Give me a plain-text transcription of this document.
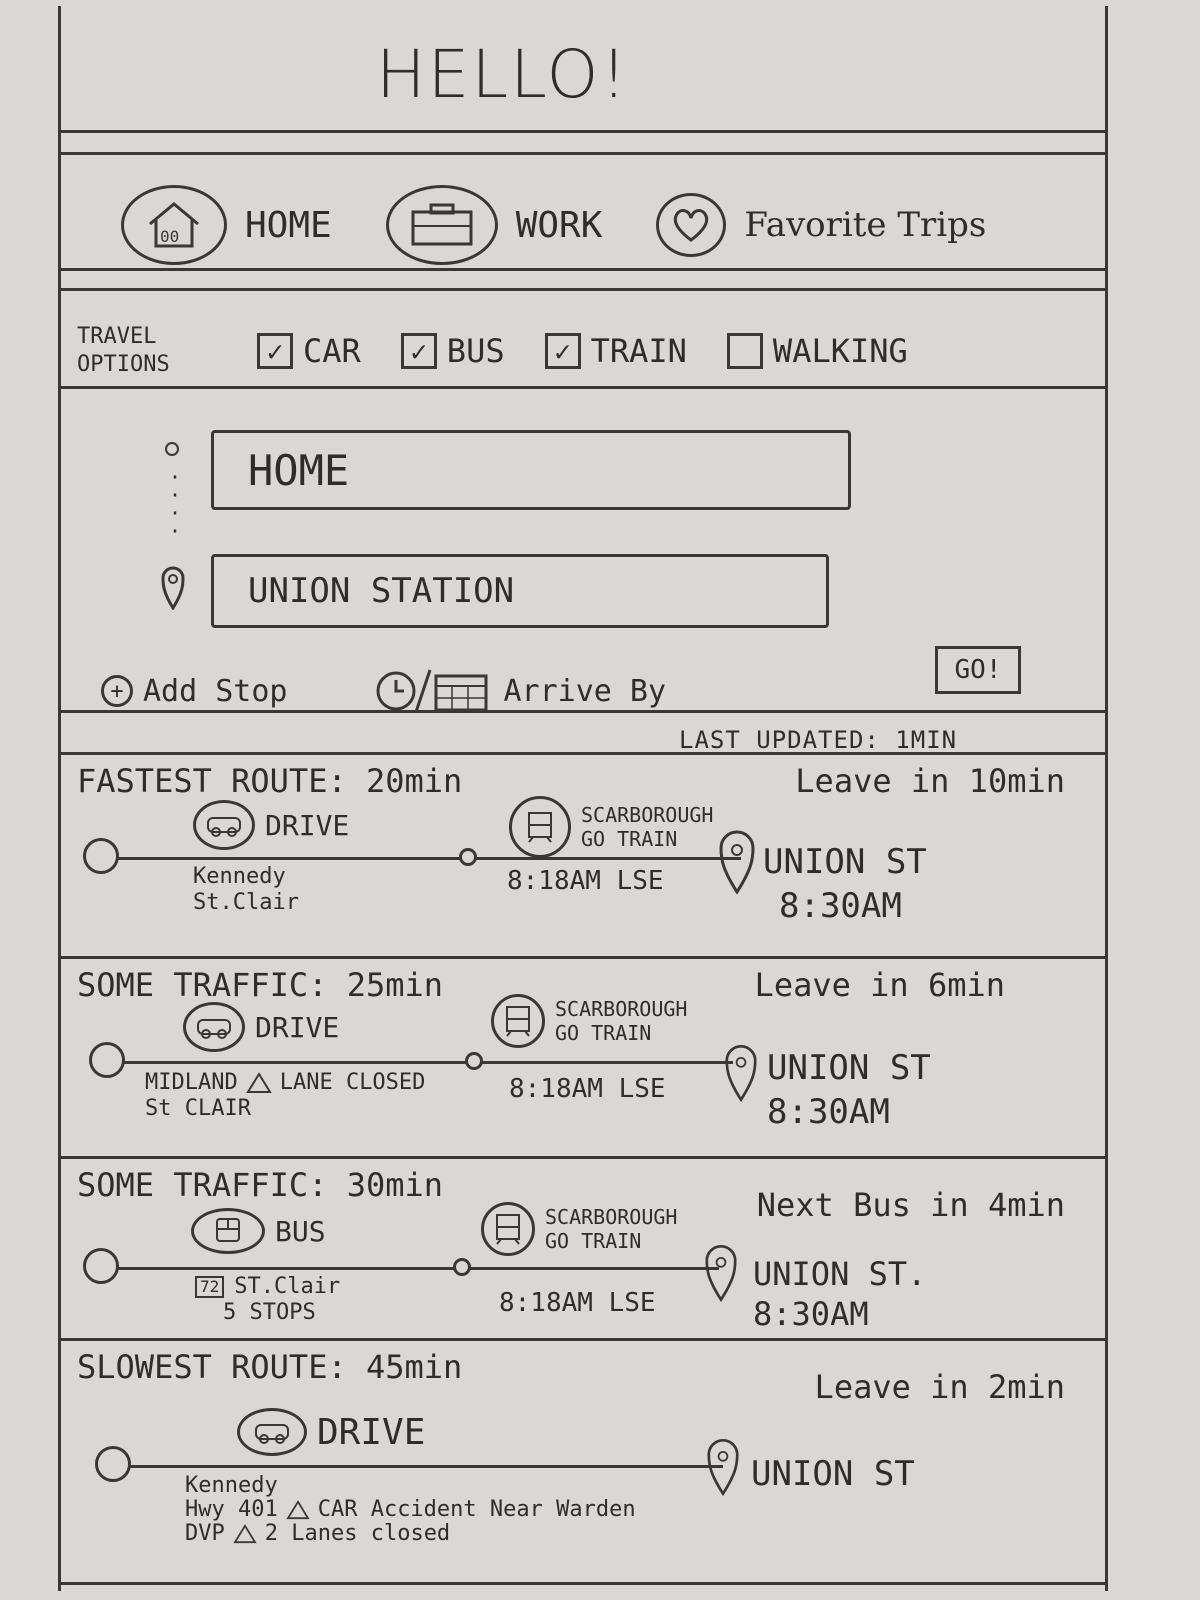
HELLO!
00 HOME	WORK	Favorite Trips
TRAVEL
OPTIONS	✓ CAR	✓ BUS	✓ TRAIN	WALKING
·
·
·
·
HOME
UNION STATION
+ Add Stop	Arrive By
GO!
LAST UPDATED: 1MIN
FASTEST ROUTE: 20min	Leave in 10min
DRIVE	SCARBOROUGH
GO TRAIN
Kennedy
St.Clair
8:18AM LSE	UNION ST
8:30AM
SOME TRAFFIC: 25min	Leave in 6min
DRIVE
SCARBOROUGH
GO TRAIN
MIDLAND LANE CLOSED
St CLAIR
8:18AM LSE
UNION ST
8:30AM
SOME TRAFFIC: 30min
Next Bus in 4min
BUS	SCARBOROUGH
GO TRAIN
72 ST.Clair
5 STOPS	8:18AM LSE
UNION ST.
8:30AM
SLOWEST ROUTE: 45min
Leave in 2min
DRIVE
Kennedy
Hwy 401 CAR Accident Near Warden
DVP 2 Lanes closed
UNION ST
